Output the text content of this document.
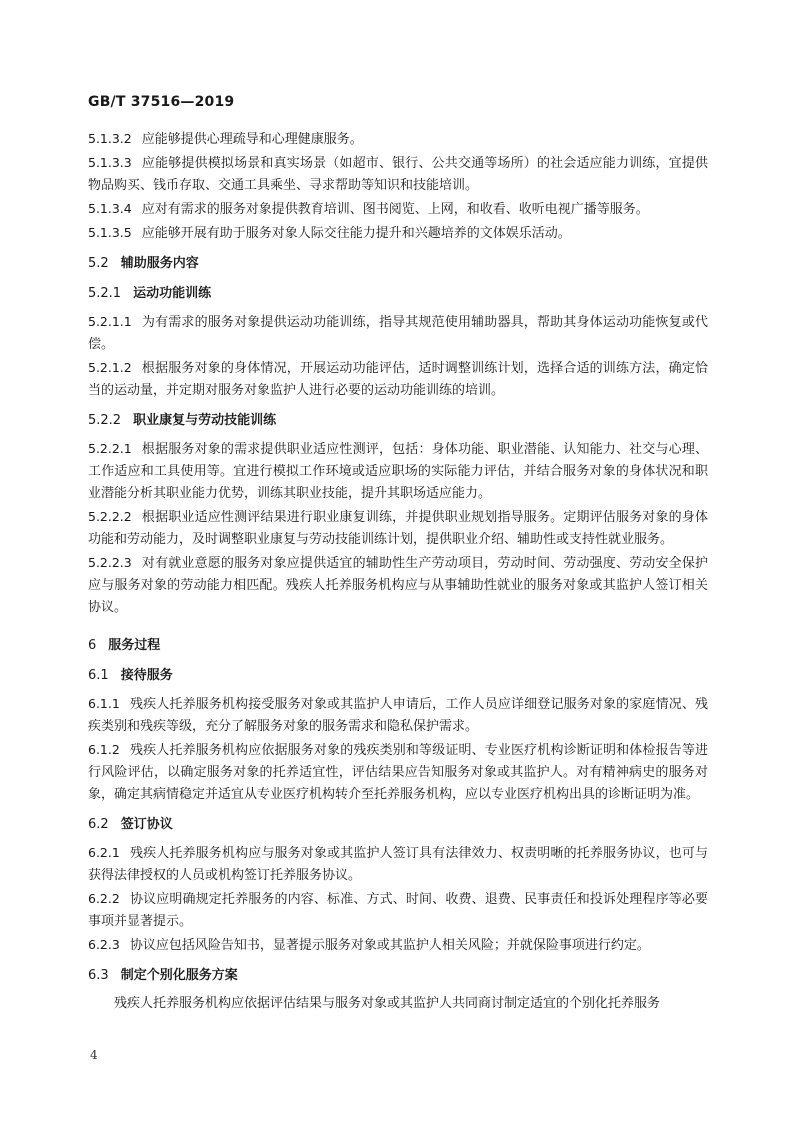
GB/T 37516—2019
5.1.3.2 应能够提供心理疏导和心理健康服务。
5.1.3.3 应能够提供模拟场景和真实场景（如超市、银行、公共交通等场所）的社会适应能力训练，宜提供物品购买、钱币存取、交通工具乘坐、寻求帮助等知识和技能培训。
5.1.3.4 应对有需求的服务对象提供教育培训、图书阅览、上网，和收看、收听电视广播等服务。
5.1.3.5 应能够开展有助于服务对象人际交往能力提升和兴趣培养的文体娱乐活动。
5.2 辅助服务内容
5.2.1 运动功能训练
5.2.1.1 为有需求的服务对象提供运动功能训练，指导其规范使用辅助器具，帮助其身体运动功能恢复或代偿。
5.2.1.2 根据服务对象的身体情况，开展运动功能评估，适时调整训练计划，选择合适的训练方法，确定恰当的运动量，并定期对服务对象监护人进行必要的运动功能训练的培训。
5.2.2 职业康复与劳动技能训练
5.2.2.1 根据服务对象的需求提供职业适应性测评，包括：身体功能、职业潜能、认知能力、社交与心理、工作适应和工具使用等。宜进行模拟工作环境或适应职场的实际能力评估，并结合服务对象的身体状况和职业潜能分析其职业能力优势，训练其职业技能，提升其职场适应能力。
5.2.2.2 根据职业适应性测评结果进行职业康复训练，并提供职业规划指导服务。定期评估服务对象的身体功能和劳动能力，及时调整职业康复与劳动技能训练计划，提供职业介绍、辅助性或支持性就业服务。
5.2.2.3 对有就业意愿的服务对象应提供适宜的辅助性生产劳动项目，劳动时间、劳动强度、劳动安全保护应与服务对象的劳动能力相匹配。残疾人托养服务机构应与从事辅助性就业的服务对象或其监护人签订相关协议。
6 服务过程
6.1 接待服务
6.1.1 残疾人托养服务机构接受服务对象或其监护人申请后，工作人员应详细登记服务对象的家庭情况、残疾类别和残疾等级，充分了解服务对象的服务需求和隐私保护需求。
6.1.2 残疾人托养服务机构应依据服务对象的残疾类别和等级证明、专业医疗机构诊断证明和体检报告等进行风险评估，以确定服务对象的托养适宜性，评估结果应告知服务对象或其监护人。对有精神病史的服务对象，确定其病情稳定并适宜从专业医疗机构转介至托养服务机构，应以专业医疗机构出具的诊断证明为准。
6.2 签订协议
6.2.1 残疾人托养服务机构应与服务对象或其监护人签订具有法律效力、权责明晰的托养服务协议，也可与获得法律授权的人员或机构签订托养服务协议。
6.2.2 协议应明确规定托养服务的内容、标准、方式、时间、收费、退费、民事责任和投诉处理程序等必要事项并显著提示。
6.2.3 协议应包括风险告知书，显著提示服务对象或其监护人相关风险；并就保险事项进行约定。
6.3 制定个别化服务方案
残疾人托养服务机构应依据评估结果与服务对象或其监护人共同商讨制定适宜的个别化托养服务
4
